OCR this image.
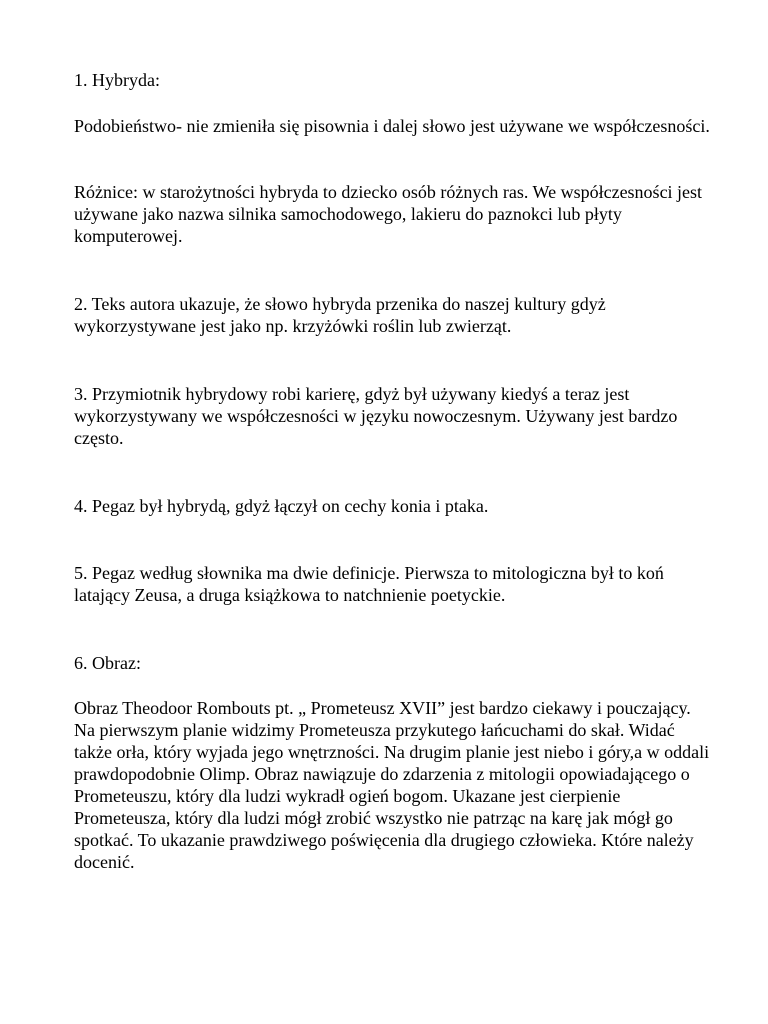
1. Hybryda:

Podobieństwo- nie zmieniła się pisownia i dalej słowo jest używane we współczesności.

Różnice: w starożytności hybryda to dziecko osób różnych ras. We współczesności jest używane jako nazwa silnika samochodowego, lakieru do paznokci lub płyty komputerowej.

2. Teks autora ukazuje, że słowo hybryda przenika do naszej kultury gdyż wykorzystywane jest jako np. krzyżówki roślin lub zwierząt.

3. Przymiotnik hybrydowy robi karierę, gdyż był używany kiedyś a teraz jest wykorzystywany we współczesności w języku nowoczesnym. Używany jest bardzo często.

4. Pegaz był hybrydą, gdyż łączył on cechy konia i ptaka.

5. Pegaz według słownika ma dwie definicje. Pierwsza to mitologiczna był to koń latający Zeusa, a druga książkowa to natchnienie poetyckie.

6. Obraz:

Obraz Theodoor Rombouts pt. „ Prometeusz XVII” jest bardzo ciekawy i pouczający. Na pierwszym planie widzimy Prometeusza przykutego łańcuchami do skał. Widać także orła, który wyjada jego wnętrzności. Na drugim planie jest niebo i góry,a w oddali prawdopodobnie Olimp. Obraz nawiązuje do zdarzenia z mitologii opowiadającego o Prometeuszu, który dla ludzi wykradł ogień bogom. Ukazane jest cierpienie Prometeusza, który dla ludzi mógł zrobić wszystko nie patrząc na karę jak mógł go spotkać. To ukazanie prawdziwego poświęcenia dla drugiego człowieka. Które należy docenić.
